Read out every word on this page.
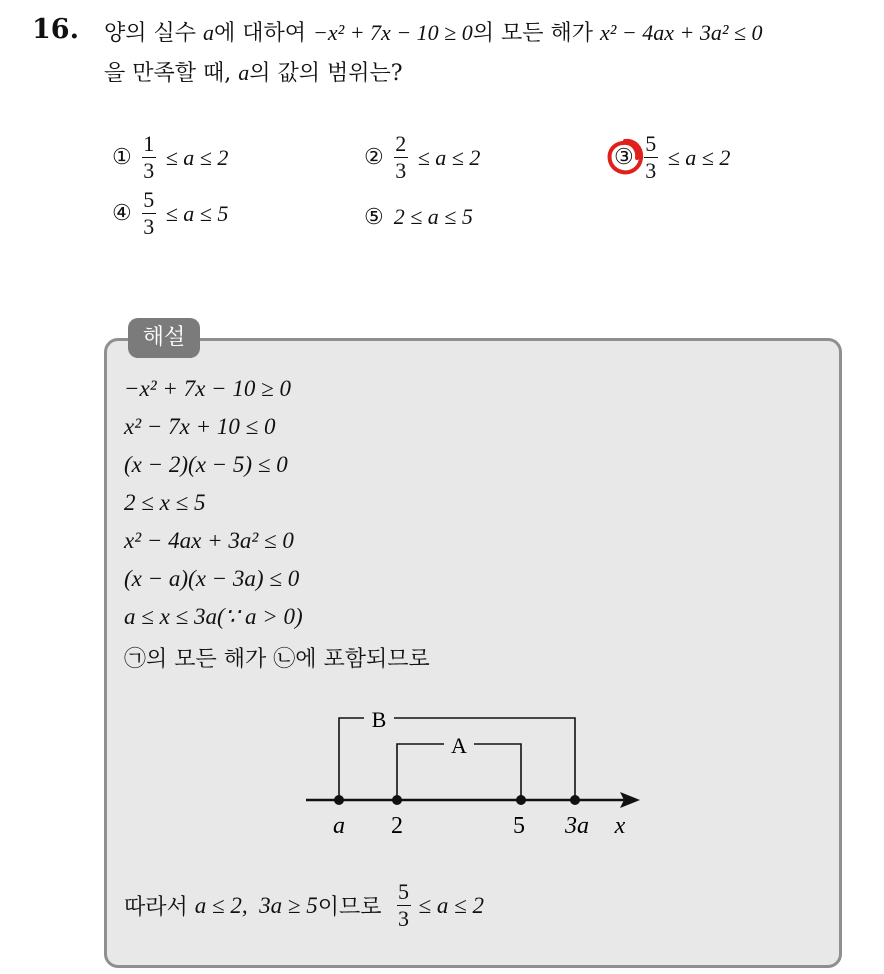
16. 양의 실수 a에 대하여 −x² + 7x − 10 ≥ 0의 모든 해가 x² − 4ax + 3a² ≤ 0
을 만족할 때, a의 값의 범위는?
① $\frac{1}{3} \le a \le 2$	② $\frac{2}{3} \le a \le 2$	③ $\frac{5}{3} \le a \le 2$
④ $\frac{5}{3} \le a \le 5$	⑤ 2 ≤ a ≤ 5
해설
−x² + 7x − 10 ≥ 0
x² − 7x + 10 ≤ 0
(x − 2)(x − 5) ≤ 0
2 ≤ x ≤ 5
x² − 4ax + 3a² ≤ 0
(x − a)(x − 3a) ≤ 0
a ≤ x ≤ 3a(∵ a > 0)
㉠의 모든 해가 ㉡에 포함되므로
B
A
a 2	5 3a x
따라서 a ≤ 2,  3a ≥ 5 이므로 $\frac{5}{3} \le a \le 2$
